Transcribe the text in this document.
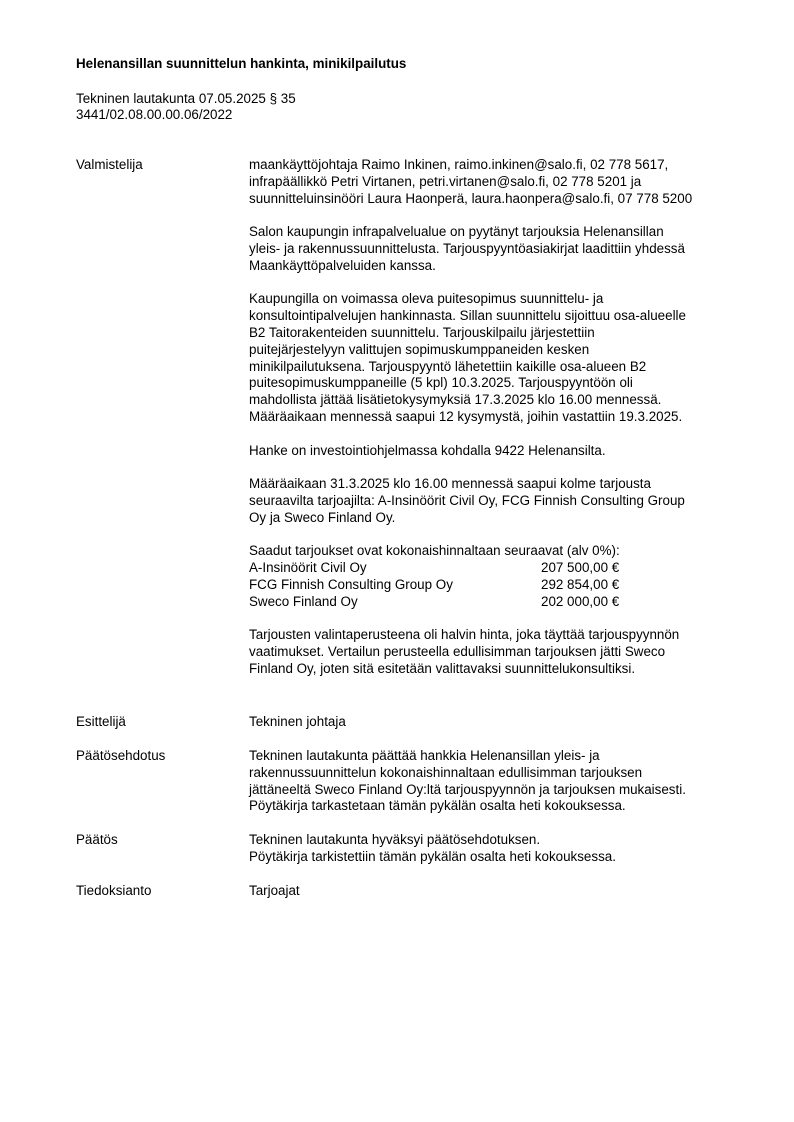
Helenansillan suunnittelun hankinta, minikilpailutus
Tekninen lautakunta 07.05.2025 § 35
3441/02.08.00.00.06/2022
Valmistelija	maankäyttöjohtaja Raimo Inkinen, raimo.inkinen@salo.fi, 02 778 5617,
infrapäällikkö Petri Virtanen, petri.virtanen@salo.fi, 02 778 5201 ja
suunnitteluinsinööri Laura Haonperä, laura.haonpera@salo.fi, 07 778 5200

Salon kaupungin infrapalvelualue on pyytänyt tarjouksia Helenansillan
yleis- ja rakennussuunnittelusta. Tarjouspyyntöasiakirjat laadittiin yhdessä
Maankäyttöpalveluiden kanssa.

Kaupungilla on voimassa oleva puitesopimus suunnittelu- ja
konsultointipalvelujen hankinnasta. Sillan suunnittelu sijoittuu osa-alueelle
B2 Taitorakenteiden suunnittelu. Tarjouskilpailu järjestettiin
puitejärjestelyyn valittujen sopimuskumppaneiden kesken
minikilpailutuksena. Tarjouspyyntö lähetettiin kaikille osa-alueen B2
puitesopimuskumppaneille (5 kpl) 10.3.2025. Tarjouspyyntöön oli
mahdollista jättää lisätietokysymyksiä 17.3.2025 klo 16.00 mennessä.
Määräaikaan mennessä saapui 12 kysymystä, joihin vastattiin 19.3.2025.

Hanke on investointiohjelmassa kohdalla 9422 Helenansilta.

Määräaikaan 31.3.2025 klo 16.00 mennessä saapui kolme tarjousta
seuraavilta tarjoajilta: A-Insinöörit Civil Oy, FCG Finnish Consulting Group
Oy ja Sweco Finland Oy.

Saadut tarjoukset ovat kokonaishinnaltaan seuraavat (alv 0%):
A-Insinöörit Civil Oy	207 500,00 €
FCG Finnish Consulting Group Oy	292 854,00 €
Sweco Finland Oy	202 000,00 €

Tarjousten valintaperusteena oli halvin hinta, joka täyttää tarjouspyynnön
vaatimukset. Vertailun perusteella edullisimman tarjouksen jätti Sweco
Finland Oy, joten sitä esitetään valittavaksi suunnittelukonsultiksi.

Esittelijä	Tekninen johtaja
Päätösehdotus	Tekninen lautakunta päättää hankkia Helenansillan yleis- ja
rakennussuunnittelun kokonaishinnaltaan edullisimman tarjouksen
jättäneeltä Sweco Finland Oy:ltä tarjouspyynnön ja tarjouksen mukaisesti.
Pöytäkirja tarkastetaan tämän pykälän osalta heti kokouksessa.
Päätös	Tekninen lautakunta hyväksyi päätösehdotuksen.
Pöytäkirja tarkistettiin tämän pykälän osalta heti kokouksessa.
Tiedoksianto	Tarjoajat
